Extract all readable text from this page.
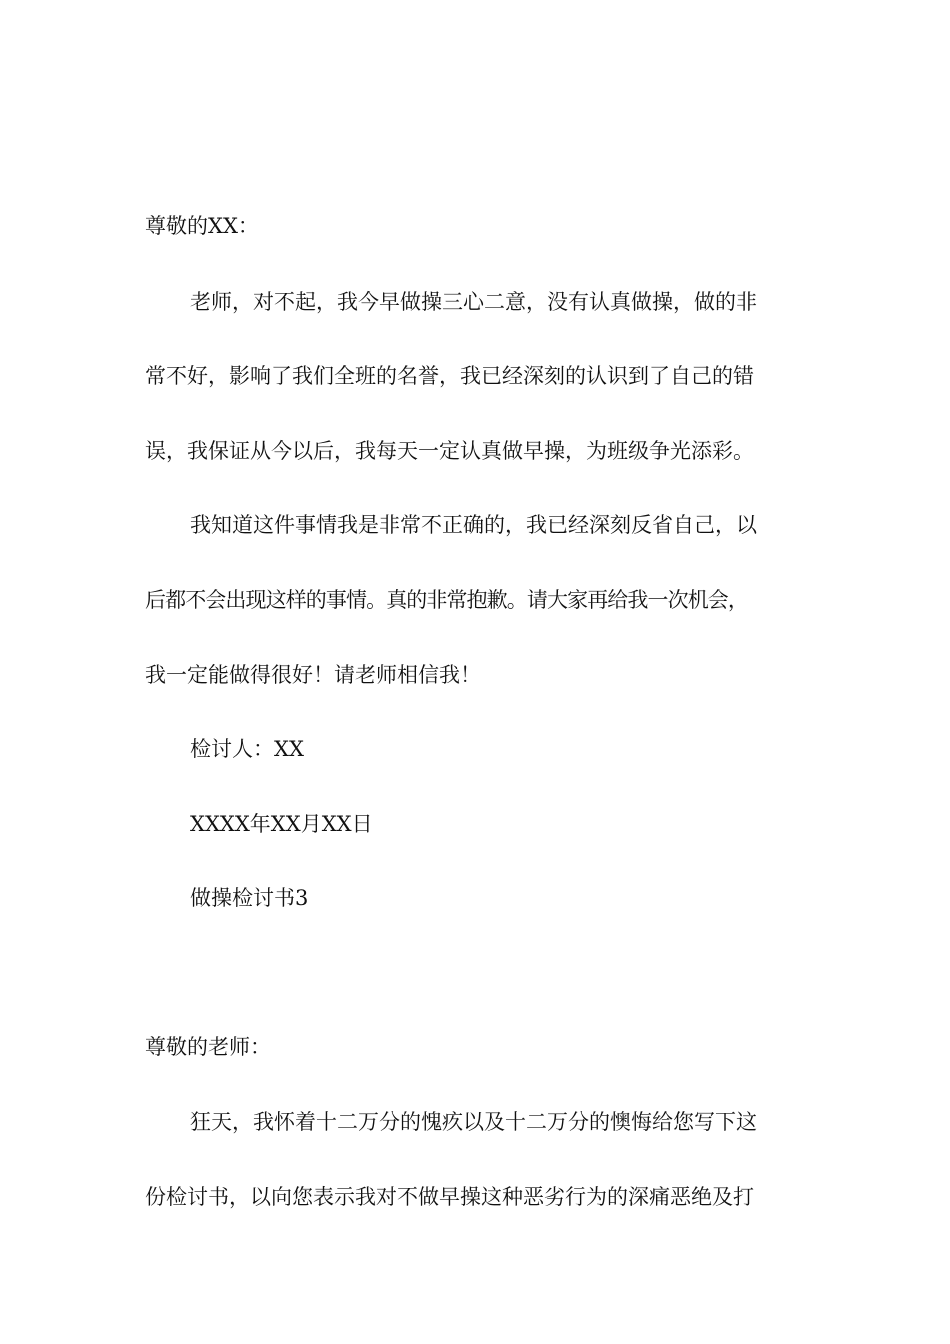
尊敬的XX：
老师，对不起，我今早做操三心二意，没有认真做操，做的非
常不好，影响了我们全班的名誉，我已经深刻的认识到了自己的错
误，我保证从今以后，我每天一定认真做早操，为班级争光添彩。
我知道这件事情我是非常不正确的，我已经深刻反省自己，以
后都不会出现这样的事情。真的非常抱歉。请大家再给我一次机会，
我一定能做得很好！请老师相信我！
检讨人：XX
XXXX年XX月XX日
做操检讨书3
尊敬的老师：
狂天，我怀着十二万分的愧疚以及十二万分的懊悔给您写下这
份检讨书，以向您表示我对不做早操这种恶劣行为的深痛恶绝及打
